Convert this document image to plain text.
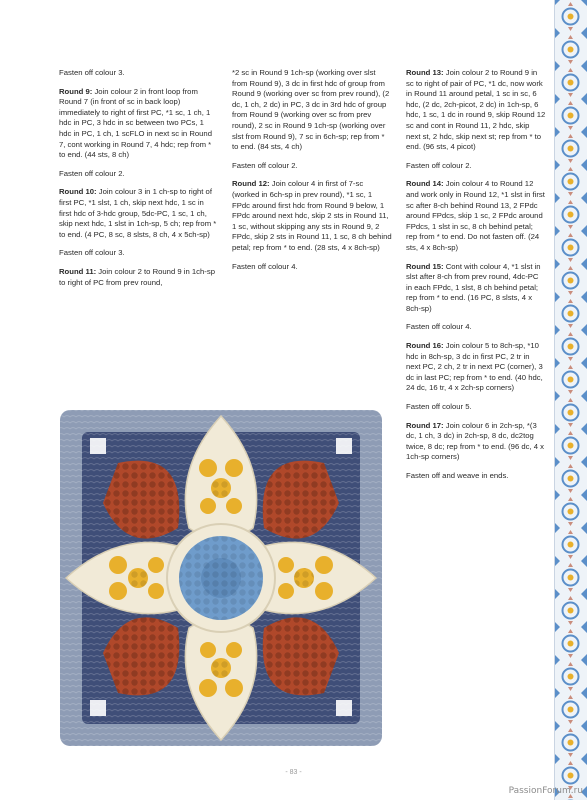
Fasten off colour 3.

Round 9: Join colour 2 in front loop from Round 7 (in front of sc in back loop) immediately to right of first PC, *1 sc, 1 ch, 1 hdc in PC, 3 hdc in sc between two PCs, 1 hdc in PC, 1 ch, 1 scFLO in next sc in Round 7, cont working in Round 7, 4 hdc; rep from * to end. (44 sts, 8 ch)

Fasten off colour 2.

Round 10: Join colour 3 in 1 ch-sp to right of first PC, *1 slst, 1 ch, skip next hdc, 1 sc in first hdc of 3-hdc group, 5dc-PC, 1 sc, 1 ch, skip next hdc, 1 slst in 1ch-sp, 5 ch; rep from * to end. (4 PC, 8 sc, 8 slsts, 8 ch, 4 x 5ch-sp)

Fasten off colour 3.

Round 11: Join colour 2 to Round 9 in 1ch-sp to right of PC from prev round,

*2 sc in Round 9 1ch-sp (working over slst from Round 9), 3 dc in first hdc of group from Round 9 (working over sc from prev round), (2 dc, 1 ch, 2 dc) in PC, 3 dc in 3rd hdc of group from Round 9 (working over sc from prev round), 2 sc in Round 9 1ch-sp (working over slst from Round 9), 7 sc in 6ch-sp; rep from * to end. (84 sts, 4 ch)

Fasten off colour 2.

Round 12: Join colour 4 in first of 7-sc (worked in 6ch-sp in prev round), *1 sc, 1 FPdc around first hdc from Round 9 below, 1 FPdc around next hdc, skip 2 sts in Round 11, 1 sc, without skipping any sts in Round 9, 2 FPdc, skip 2 sts in Round 11, 1 sc, 8 ch behind petal; rep from * to end. (28 sts, 4 x 8ch-sp)

Fasten off colour 4.

Round 13: Join colour 2 to Round 9 in sc to right of pair of PC, *1 dc, now work in Round 11 around petal, 1 sc in sc, 6 hdc, (2 dc, 2ch-picot, 2 dc) in 1ch-sp, 6 hdc, 1 sc, 1 dc in round 9, skip Round 12 sc and cont in Round 11, 2 hdc, skip next st, 2 hdc, skip next st; rep from * to end. (96 sts, 4 picot)

Fasten off colour 2.

Round 14: Join colour 4 to Round 12 and work only in Round 12, *1 slst in first sc after 8-ch behind Round 13, 2 FPdc around FPdcs, skip 1 sc, 2 FPdc around FPdcs, 1 slst in sc, 8 ch behind petal; rep from * to end. Do not fasten off. (24 sts, 4 x 8ch-sp)

Round 15: Cont with colour 4, *1 slst in slst after 8-ch from prev round, 4dc-PC in each FPdc, 1 slst, 8 ch behind petal; rep from * to end. (16 PC, 8 slsts, 4 x 8ch-sp)

Fasten off colour 4.

Round 16: Join colour 5 to 8ch-sp, *10 hdc in 8ch-sp, 3 dc in first PC, 2 tr in next PC, 2 ch, 2 tr in next PC (corner), 3 dc in last PC; rep from * to end. (40 hdc, 24 dc, 16 tr, 4 x 2ch-sp corners)

Fasten off colour 5.

Round 17: Join colour 6 in 2ch-sp, *(3 dc, 1 ch, 3 dc) in 2ch-sp, 8 dc, dc2tog twice, 8 dc; rep from * to end. (96 dc, 4 x 1ch-sp corners)

Fasten off and weave in ends.

- 83 -
PassionForum.ru
